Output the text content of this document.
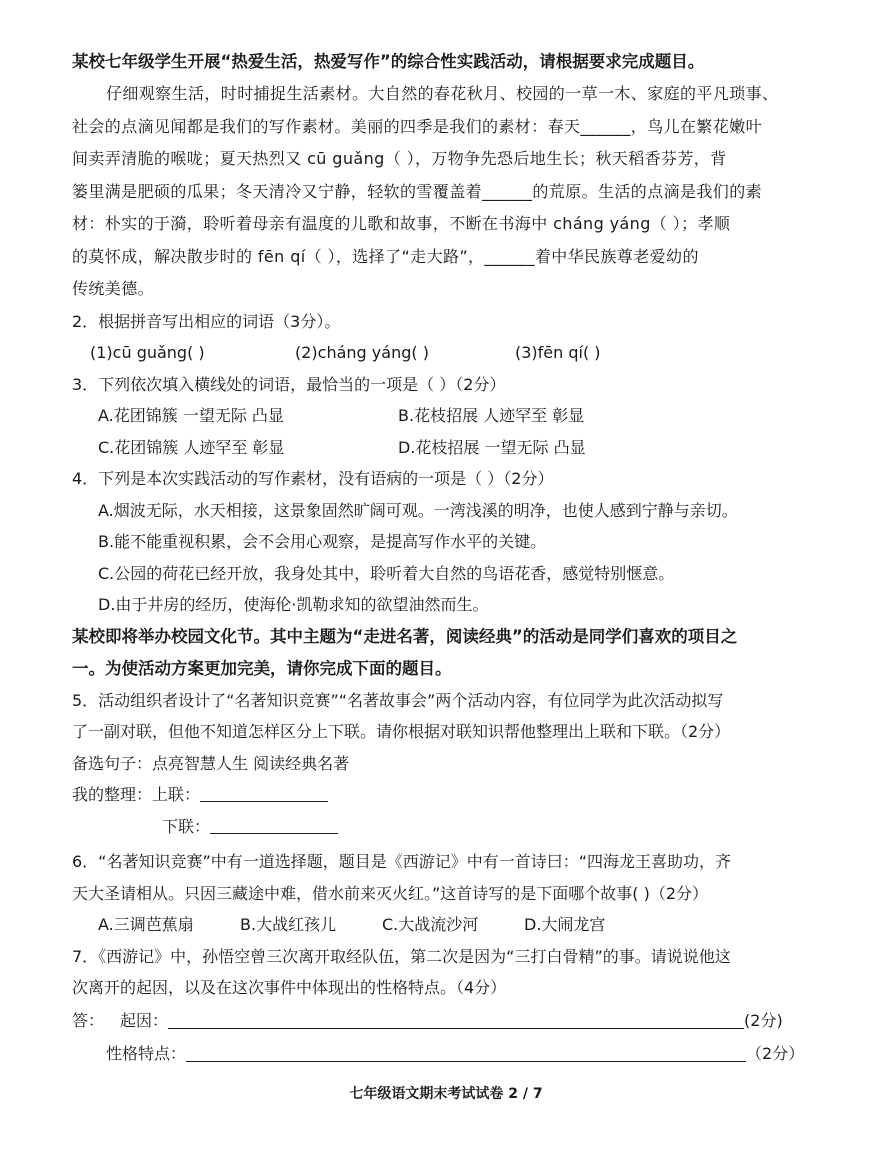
某校七年级学生开展“热爱生活，热爱写作”的综合性实践活动，请根据要求完成题目。
仔细观察生活，时时捕捉生活素材。大自然的春花秋月、校园的一草一木、家庭的平凡琐事、
社会的点滴见闻都是我们的写作素材。美丽的四季是我们的素材：春天______，鸟儿在繁花嫩叶
间卖弄清脆的喉咙；夏天热烈又 cū guǎng（ ），万物争先恐后地生长；秋天稻香芬芳，背
篓里满是肥硕的瓜果；冬天清冷又宁静，轻软的雪覆盖着______的荒原。生活的点滴是我们的素
材：朴实的于漪，聆听着母亲有温度的儿歌和故事，不断在书海中 cháng yáng（ ）；孝顺
的莫怀成，解决散步时的 fēn qí（ ），选择了“走大路”，______着中华民族尊老爱幼的
传统美德。
2．根据拼音写出相应的词语（3分）。
(1)cū guǎng( )	(2)cháng yáng( )	(3)fēn qí( )
3．下列依次填入横线处的词语，最恰当的一项是（ ）（2分）
A.花团锦簇 一望无际 凸显	B.花枝招展 人迹罕至 彰显
C.花团锦簇 人迹罕至 彰显	D.花枝招展 一望无际 凸显
4．下列是本次实践活动的写作素材，没有语病的一项是（ ）（2分）
A.烟波无际，水天相接，这景象固然旷阔可观。一湾浅溪的明净，也使人感到宁静与亲切。
B.能不能重视积累，会不会用心观察，是提高写作水平的关键。
C.公园的荷花已经开放，我身处其中，聆听着大自然的鸟语花香，感觉特别惬意。
D.由于井房的经历，使海伦·凯勒求知的欲望油然而生。
某校即将举办校园文化节。其中主题为“走进名著，阅读经典”的活动是同学们喜欢的项目之
一。为使活动方案更加完美，请你完成下面的题目。
5．活动组织者设计了“名著知识竞赛”“名著故事会”两个活动内容，有位同学为此次活动拟写
了一副对联，但他不知道怎样区分上下联。请你根据对联知识帮他整理出上联和下联。（2分）
备选句子：点亮智慧人生 阅读经典名著
我的整理：上联：
下联：
6．“名著知识竞赛”中有一道选择题，题目是《西游记》中有一首诗曰：“四海龙王喜助功，齐
天大圣请相从。只因三藏途中难，借水前来灭火红。”这首诗写的是下面哪个故事( )（2分）
A.三调芭蕉扇	B.大战红孩儿	C.大战流沙河	D.大闹龙宫
7．《西游记》中，孙悟空曾三次离开取经队伍，第二次是因为“三打白骨精”的事。请说说他这
次离开的起因，以及在这次事件中体现出的性格特点。（4分）
答：	起因：	(2分)
性格特点：	（2分）
七年级语文期末考试试卷 2 / 7
